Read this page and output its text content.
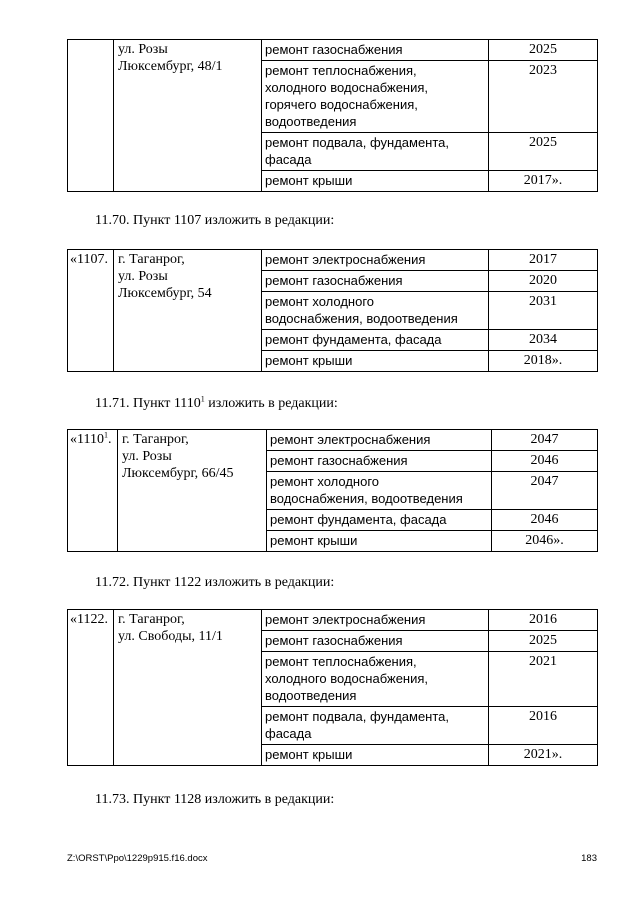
	ул. Розы
Люксембург, 48/1	ремонт газоснабжения	2025
		ремонт теплоснабжения,
холодного водоснабжения,
горячего водоснабжения,
водоотведения	2023
		ремонт подвала, фундамента,
фасада	2025
		ремонт крыши	2017».

11.70. Пункт 1107 изложить в редакции:

«1107.	г. Таганрог,
ул. Розы
Люксембург, 54	ремонт электроснабжения	2017
		ремонт газоснабжения	2020
		ремонт холодного
водоснабжения, водоотведения	2031
		ремонт фундамента, фасада	2034
		ремонт крыши	2018».

11.71. Пункт 1110$^1$ изложить в редакции:

«1110$^1$.	г. Таганрог,
ул. Розы
Люксембург, 66/45	ремонт электроснабжения	2047
		ремонт газоснабжения	2046
		ремонт холодного
водоснабжения, водоотведения	2047
		ремонт фундамента, фасада	2046
		ремонт крыши	2046».

11.72. Пункт 1122 изложить в редакции:

«1122.	г. Таганрог,
ул. Свободы, 11/1	ремонт электроснабжения	2016
		ремонт газоснабжения	2025
		ремонт теплоснабжения,
холодного водоснабжения,
водоотведения	2021
		ремонт подвала, фундамента,
фасада	2016
		ремонт крыши	2021».

11.73. Пункт 1128 изложить в редакции:

Z:\ORST\Ppo\1229p915.f16.docx	183
